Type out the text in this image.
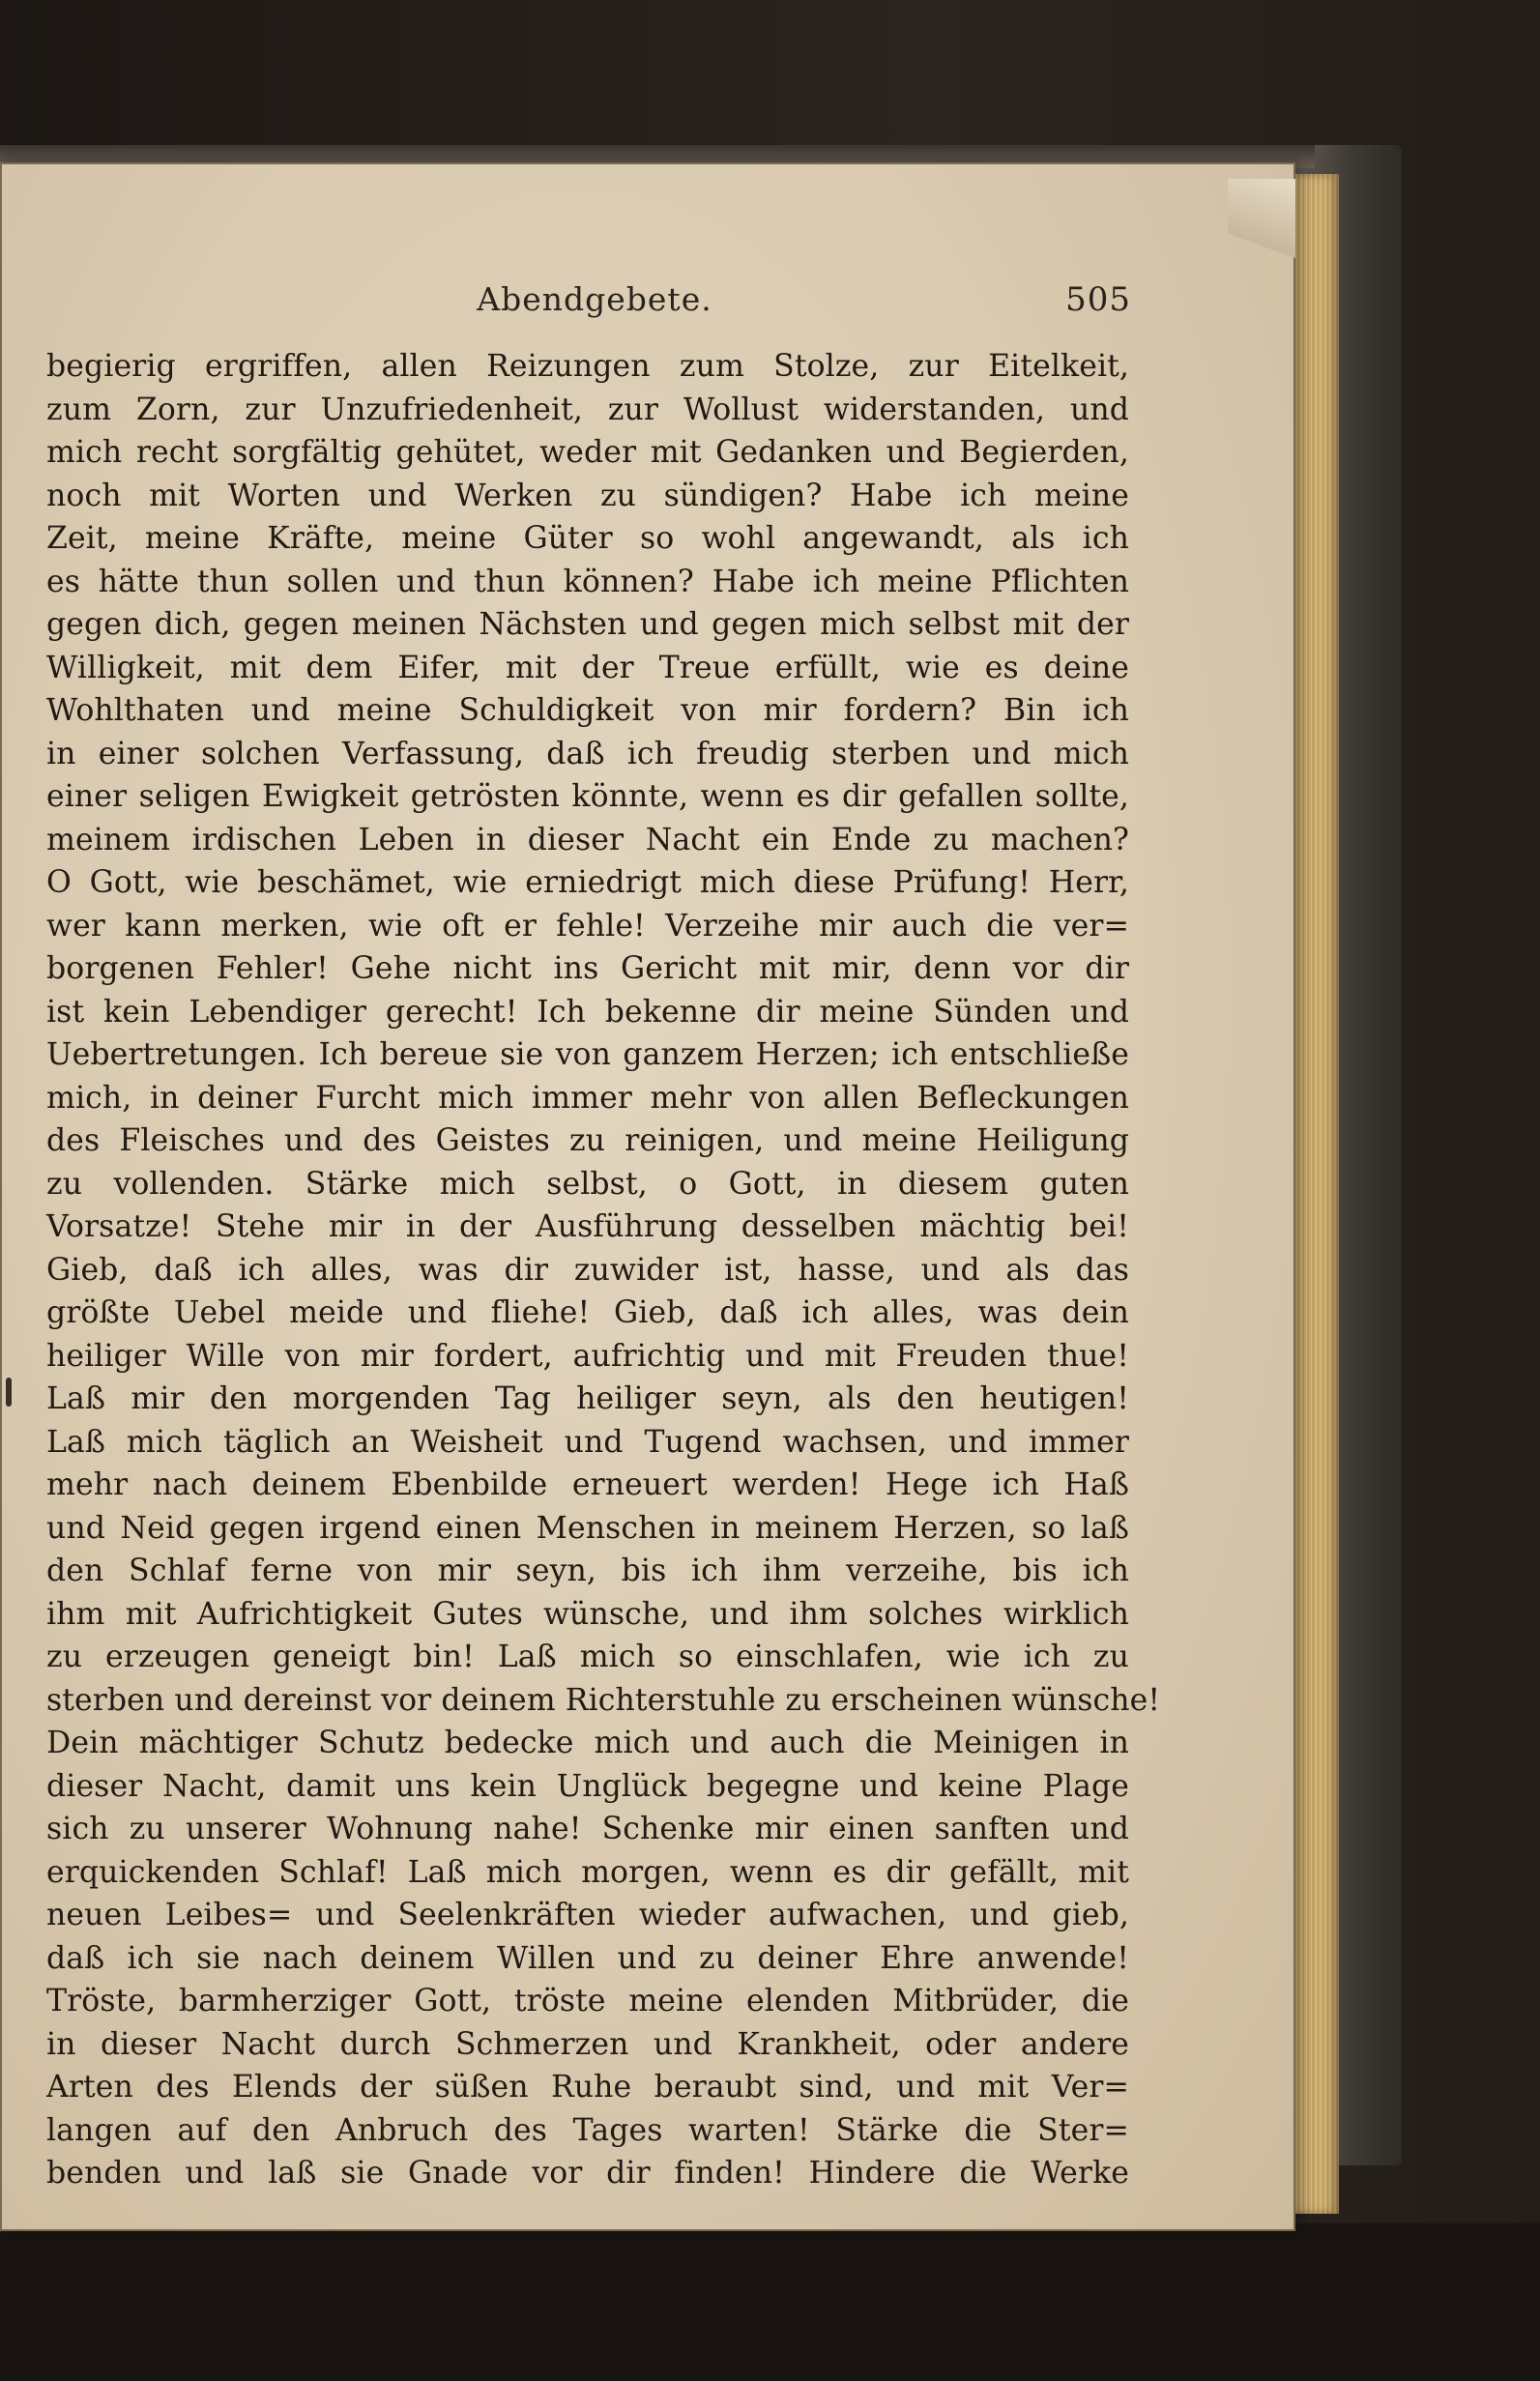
Abendgebete.	505
begierig ergriffen, allen Reizungen zum Stolze, zur Eitelkeit,
zum Zorn, zur Unzufriedenheit, zur Wollust widerstanden, und
mich recht sorgfältig gehütet, weder mit Gedanken und Begierden,
noch mit Worten und Werken zu sündigen? Habe ich meine
Zeit, meine Kräfte, meine Güter so wohl angewandt, als ich
es hätte thun sollen und thun können? Habe ich meine Pflichten
gegen dich, gegen meinen Nächsten und gegen mich selbst mit der
Willigkeit, mit dem Eifer, mit der Treue erfüllt, wie es deine
Wohlthaten und meine Schuldigkeit von mir fordern? Bin ich
in einer solchen Verfassung, daß ich freudig sterben und mich
einer seligen Ewigkeit getrösten könnte, wenn es dir gefallen sollte,
meinem irdischen Leben in dieser Nacht ein Ende zu machen?
O Gott, wie beschämet, wie erniedrigt mich diese Prüfung! Herr,
wer kann merken, wie oft er fehle! Verzeihe mir auch die ver=
borgenen Fehler! Gehe nicht ins Gericht mit mir, denn vor dir
ist kein Lebendiger gerecht! Ich bekenne dir meine Sünden und
Uebertretungen. Ich bereue sie von ganzem Herzen; ich entschließe
mich, in deiner Furcht mich immer mehr von allen Befleckungen
des Fleisches und des Geistes zu reinigen, und meine Heiligung
zu vollenden. Stärke mich selbst, o Gott, in diesem guten
Vorsatze! Stehe mir in der Ausführung desselben mächtig bei!
Gieb, daß ich alles, was dir zuwider ist, hasse, und als das
größte Uebel meide und fliehe! Gieb, daß ich alles, was dein
heiliger Wille von mir fordert, aufrichtig und mit Freuden thue!
Laß mir den morgenden Tag heiliger seyn, als den heutigen!
Laß mich täglich an Weisheit und Tugend wachsen, und immer
mehr nach deinem Ebenbilde erneuert werden! Hege ich Haß
und Neid gegen irgend einen Menschen in meinem Herzen, so laß
den Schlaf ferne von mir seyn, bis ich ihm verzeihe, bis ich
ihm mit Aufrichtigkeit Gutes wünsche, und ihm solches wirklich
zu erzeugen geneigt bin! Laß mich so einschlafen, wie ich zu
sterben und dereinst vor deinem Richterstuhle zu erscheinen wünsche!
Dein mächtiger Schutz bedecke mich und auch die Meinigen in
dieser Nacht, damit uns kein Unglück begegne und keine Plage
sich zu unserer Wohnung nahe! Schenke mir einen sanften und
erquickenden Schlaf! Laß mich morgen, wenn es dir gefällt, mit
neuen Leibes= und Seelenkräften wieder aufwachen, und gieb,
daß ich sie nach deinem Willen und zu deiner Ehre anwende!
Tröste, barmherziger Gott, tröste meine elenden Mitbrüder, die
in dieser Nacht durch Schmerzen und Krankheit, oder andere
Arten des Elends der süßen Ruhe beraubt sind, und mit Ver=
langen auf den Anbruch des Tages warten! Stärke die Ster=
benden und laß sie Gnade vor dir finden! Hindere die Werke
